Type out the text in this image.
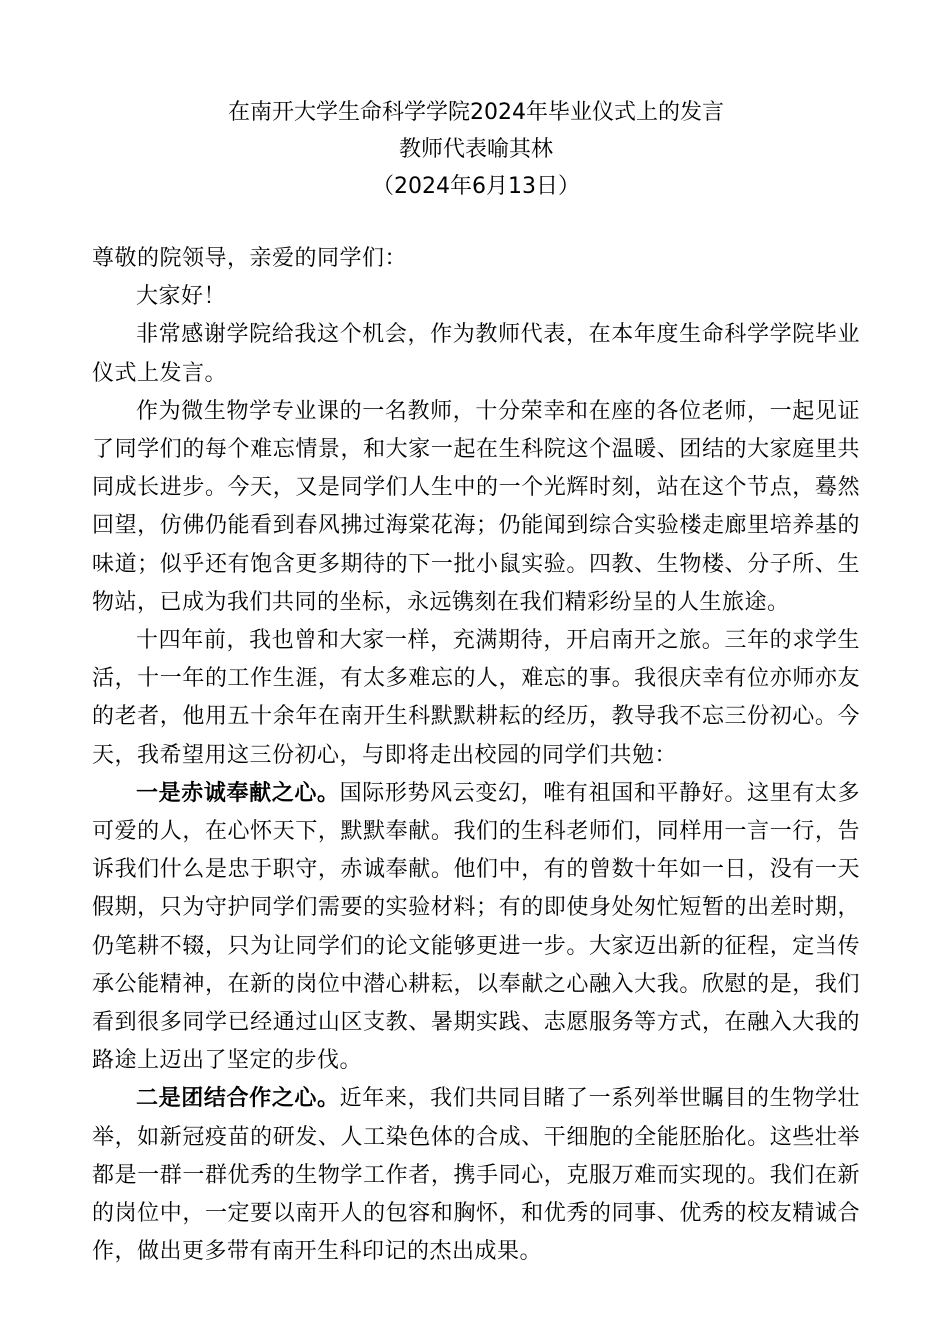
在南开大学生命科学学院2024年毕业仪式上的发言
教师代表喻其林
（2024年6月13日）

尊敬的院领导，亲爱的同学们：

大家好！

非常感谢学院给我这个机会，作为教师代表，在本年度生命科学学院毕业仪式上发言。

作为微生物学专业课的一名教师，十分荣幸和在座的各位老师，一起见证了同学们的每个难忘情景，和大家一起在生科院这个温暖、团结的大家庭里共同成长进步。今天，又是同学们人生中的一个光辉时刻，站在这个节点，蓦然回望，仿佛仍能看到春风拂过海棠花海；仍能闻到综合实验楼走廊里培养基的味道；似乎还有饱含更多期待的下一批小鼠实验。四教、生物楼、分子所、生物站，已成为我们共同的坐标，永远镌刻在我们精彩纷呈的人生旅途。

十四年前，我也曾和大家一样，充满期待，开启南开之旅。三年的求学生活，十一年的工作生涯，有太多难忘的人，难忘的事。我很庆幸有位亦师亦友的老者，他用五十余年在南开生科默默耕耘的经历，教导我不忘三份初心。今天，我希望用这三份初心，与即将走出校园的同学们共勉：

一是赤诚奉献之心。国际形势风云变幻，唯有祖国和平静好。这里有太多可爱的人，在心怀天下，默默奉献。我们的生科老师们，同样用一言一行，告诉我们什么是忠于职守，赤诚奉献。他们中，有的曾数十年如一日，没有一天假期，只为守护同学们需要的实验材料；有的即使身处匆忙短暂的出差时期，仍笔耕不辍，只为让同学们的论文能够更进一步。大家迈出新的征程，定当传承公能精神，在新的岗位中潜心耕耘，以奉献之心融入大我。欣慰的是，我们看到很多同学已经通过山区支教、暑期实践、志愿服务等方式，在融入大我的路途上迈出了坚定的步伐。

二是团结合作之心。近年来，我们共同目睹了一系列举世瞩目的生物学壮举，如新冠疫苗的研发、人工染色体的合成、干细胞的全能胚胎化。这些壮举都是一群一群优秀的生物学工作者，携手同心，克服万难而实现的。我们在新的岗位中，一定要以南开人的包容和胸怀，和优秀的同事、优秀的校友精诚合作，做出更多带有南开生科印记的杰出成果。
